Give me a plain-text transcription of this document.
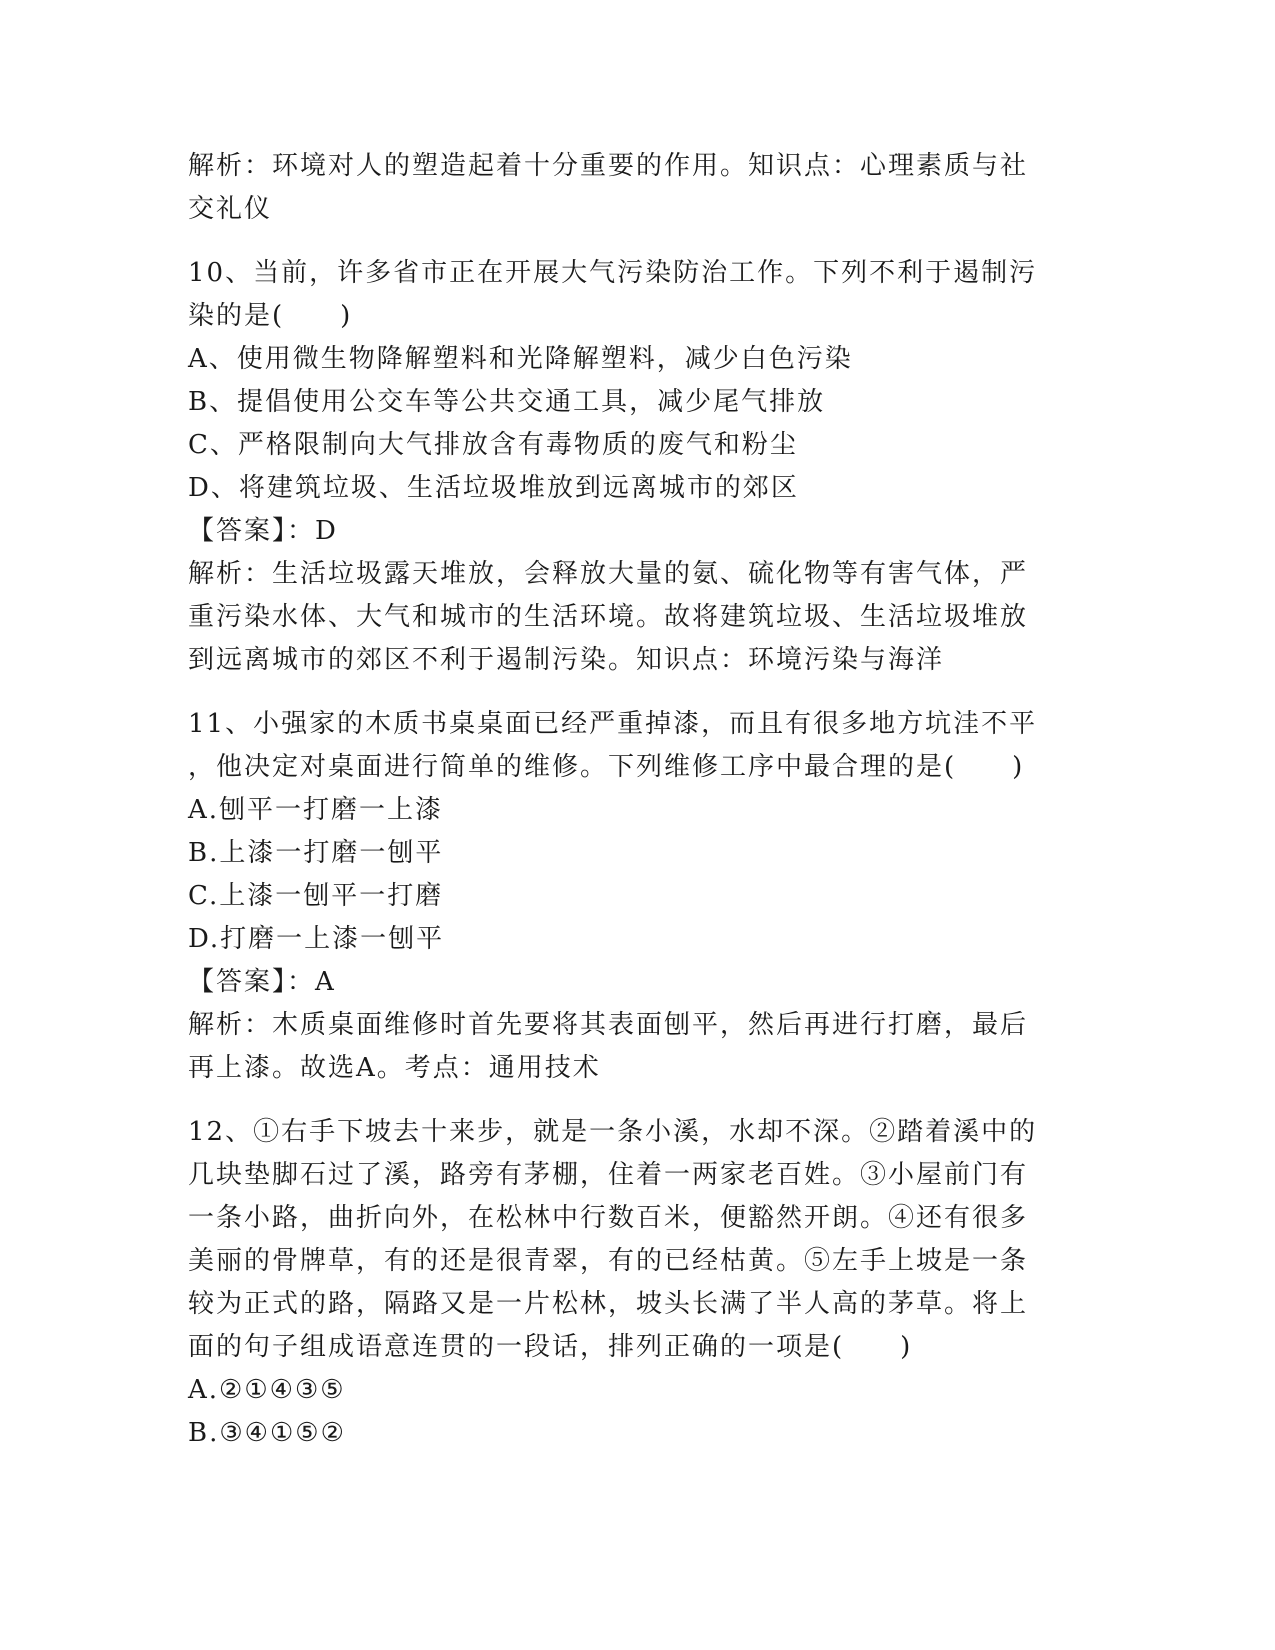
解析：环境对人的塑造起着十分重要的作用。知识点：心理素质与社
交礼仪
10、当前，许多省市正在开展大气污染防治工作。下列不利于遏制污
染的是(　　)
A、使用微生物降解塑料和光降解塑料，减少白色污染
B、提倡使用公交车等公共交通工具，减少尾气排放
C、严格限制向大气排放含有毒物质的废气和粉尘
D、将建筑垃圾、生活垃圾堆放到远离城市的郊区
【答案】：D
解析：生活垃圾露天堆放，会释放大量的氨、硫化物等有害气体，严
重污染水体、大气和城市的生活环境。故将建筑垃圾、生活垃圾堆放
到远离城市的郊区不利于遏制污染。知识点：环境污染与海洋
11、小强家的木质书桌桌面已经严重掉漆，而且有很多地方坑洼不平
，他决定对桌面进行简单的维修。下列维修工序中最合理的是(　　)
A.刨平一打磨一上漆
B.上漆一打磨一刨平
C.上漆一刨平一打磨
D.打磨一上漆一刨平
【答案】：A
解析：木质桌面维修时首先要将其表面刨平，然后再进行打磨，最后
再上漆。故选A。考点：通用技术
12、①右手下坡去十来步，就是一条小溪，水却不深。②踏着溪中的
几块垫脚石过了溪，路旁有茅棚，住着一两家老百姓。③小屋前门有
一条小路，曲折向外，在松林中行数百米，便豁然开朗。④还有很多
美丽的骨牌草，有的还是很青翠，有的已经枯黄。⑤左手上坡是一条
较为正式的路，隔路又是一片松林，坡头长满了半人高的茅草。将上
面的句子组成语意连贯的一段话，排列正确的一项是(　　)
A.②①④③⑤
B.③④①⑤②
